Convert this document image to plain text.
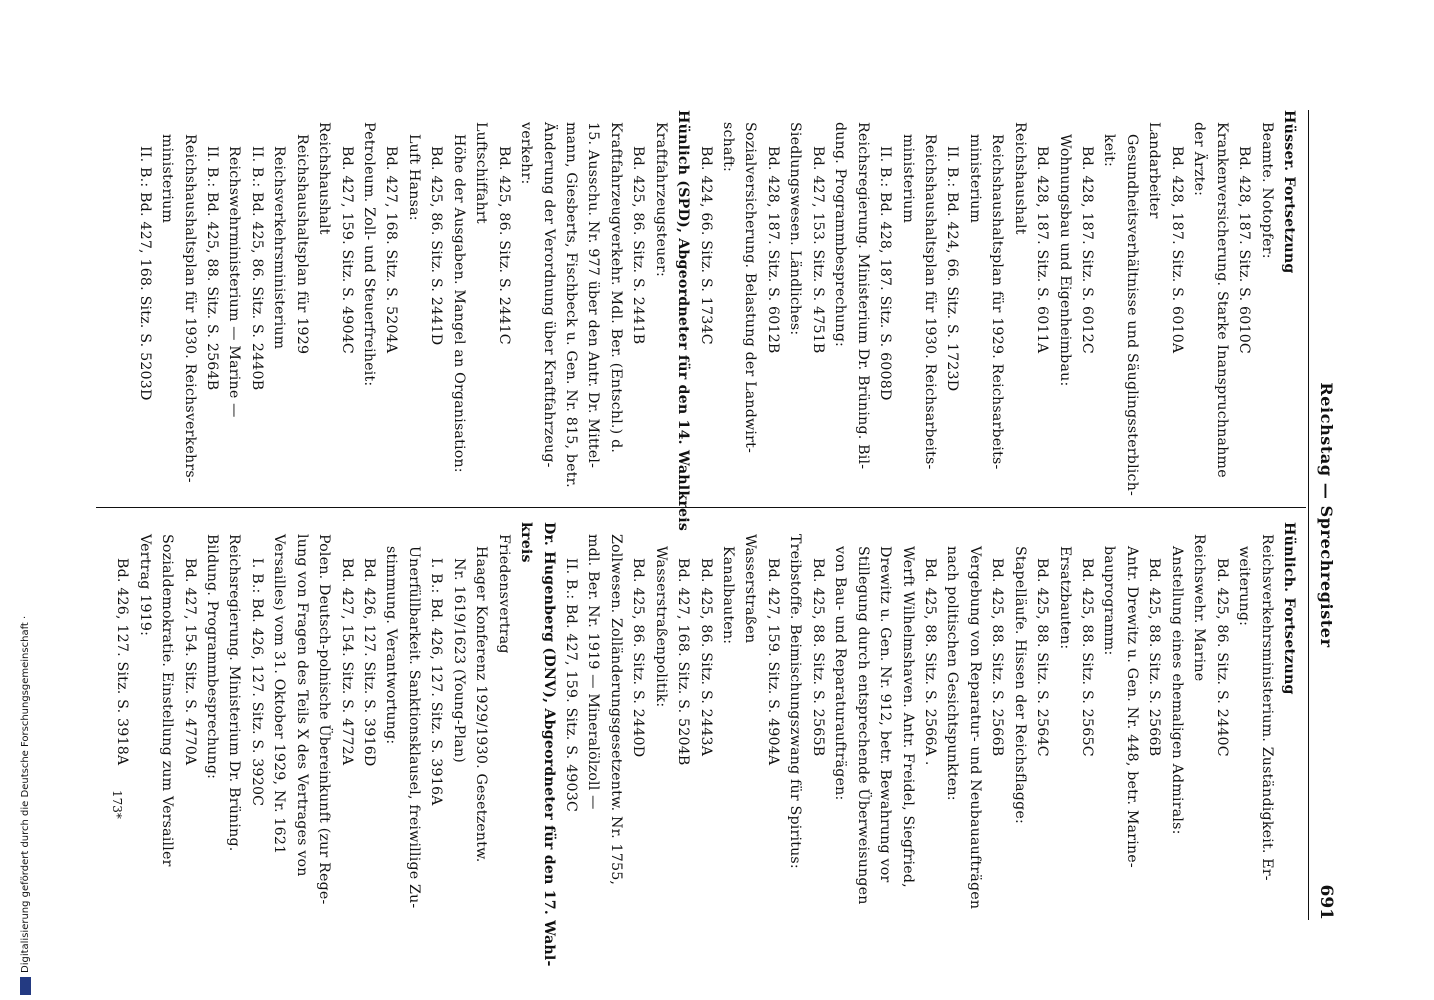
Reichstag — Sprechregister
691
Hüsser. Fortsetzung
Beamte. Notopfer:
Bd. 428, 187. Sitz. S. 6010C
Krankenversicherung. Starke Inanspruchnahme
der Ärzte:
Bd. 428, 187. Sitz. S. 6010A
Landarbeiter
Gesundheitsverhältnisse und Säuglingssterblich-
keit:
Bd. 428, 187. Sitz. S. 6012C
Wohnungsbau und Eigenheimbau:
Bd. 428, 187. Sitz. S. 6011A
Reichshaushalt
Reichshaushaltsplan für 1929. Reichsarbeits-
ministerium
II. B.: Bd. 424, 66. Sitz. S. 1723D
Reichshaushaltsplan für 1930. Reichsarbeits-
ministerium
II. B.: Bd. 428, 187. Sitz. S. 6008D
Reichsregierung. Ministerium Dr. Brüning. Bil-
dung. Programmbesprechung:
Bd. 427, 153. Sitz. S. 4751B
Siedlungswesen. Ländliches:
Bd. 428, 187. Sitz. S. 6012B
Sozialversicherung. Belastung der Landwirt-
schaft:
Bd. 424, 66. Sitz. S. 1734C
Hünlich (SPD), Abgeordneter für den 14. Wahlkreis
Kraftfahrzeugsteuer:
Bd. 425, 86. Sitz. S. 2441B
Kraftfahrzeugverkehr. Mdl. Ber. (Entschl.) d.
15. Ausschu. Nr. 977 über den Antr. Dr. Mittel-
mann, Giesberts, Fischbeck u. Gen. Nr. 815, betr.
Änderung der Verordnung über Kraftfahrzeug-
verkehr:
Bd. 425, 86. Sitz. S. 2441C
Luftschiffahrt
Höhe der Ausgaben. Mangel an Organisation:
Bd. 425, 86. Sitz. S. 2441D
Luft Hansa:
Bd. 427, 168. Sitz. S. 5204A
Petroleum. Zoll- und Steuerfreiheit:
Bd. 427, 159. Sitz. S. 4904C
Reichshaushalt
Reichshaushaltsplan für 1929
Reichsverkehrsministerium
II. B.: Bd. 425, 86. Sitz. S. 2440B
Reichswehrministerium — Marine —
II. B.: Bd. 425, 88. Sitz. S. 2564B
Reichshaushaltsplan für 1930. Reichsverkehrs-
ministerium
II. B.: Bd. 427, 168. Sitz. S. 5203D
Hünlich. Fortsetzung
Reichsverkehrsministerium. Zuständigkeit. Er-
weiterung:
Bd. 425, 86. Sitz. S. 2440C
Reichswehr. Marine
Anstellung eines ehemaligen Admirals:
Bd. 425, 88. Sitz. S. 2566B
Antr. Drewitz u. Gen. Nr. 448, betr. Marine-
bauprogramm:
Bd. 425, 88. Sitz. S. 2565C
Ersatzbauten:
Bd. 425, 88. Sitz. S. 2564C
Stapelläufe. Hissen der Reichsflagge:
Bd. 425, 88. Sitz. S. 2566B
Vergebung von Reparatur- und Neubauaufträgen
nach politischen Gesichtspunkten:
Bd. 425, 88. Sitz. S. 2566A .
Werft Wilhelmshaven. Antr. Freidel, Siegfried,
Drewitz u. Gen. Nr. 912, betr. Bewahrung vor
Stillegung durch entsprechende Überweisungen
von Bau- und Reparaturaufträgen:
Bd. 425, 88. Sitz. S. 2565B
Treibstoffe. Beimischungszwang für Spiritus:
Bd. 427, 159. Sitz. S. 4904A
Wasserstraßen
Kanalbauten:
Bd. 425, 86. Sitz. S. 2443A
Bd. 427, 168. Sitz. S. 5204B
Wasserstraßenpolitik:
Bd. 425, 86. Sitz. S. 2440D
Zollwesen. Zolländerungsgesetzentw. Nr. 1755,
mdl. Ber. Nr. 1919 — Mineralölzoll —
II. B.: Bd. 427, 159. Sitz. S. 4903C
Dr. Hugenberg (DNV), Abgeordneter für den 17. Wahl-
kreis
Friedensvertrag
Haager Konferenz 1929/1930. Gesetzentw.
Nr. 1619/1623 (Young-Plan)
I. B.: Bd. 426, 127. Sitz. S. 3916A
Unerfüllbarkeit. Sanktionsklausel, freiwillige Zu-
stimmung. Verantwortung:
Bd. 426, 127. Sitz. S. 3916D
Bd. 427, 154. Sitz. S. 4772A
Polen. Deutsch-polnische Übereinkunft (zur Rege-
lung von Fragen des Teils X des Vertrages von
Versailles) vom 31. Oktober 1929, Nr. 1621
I. B.: Bd. 426, 127. Sitz. S. 3920C
Reichsregierung. Ministerium Dr. Brüning.
Bildung. Programmbesprechung:
Bd. 427, 154. Sitz. S. 4770A
Sozialdemokratie. Einstellung zum Versailler
Vertrag 1919:
Bd. 426, 127. Sitz. S. 3918A
173*
Digitalisierung gefördert durch die Deutsche Forschungsgemeinschaft ·
